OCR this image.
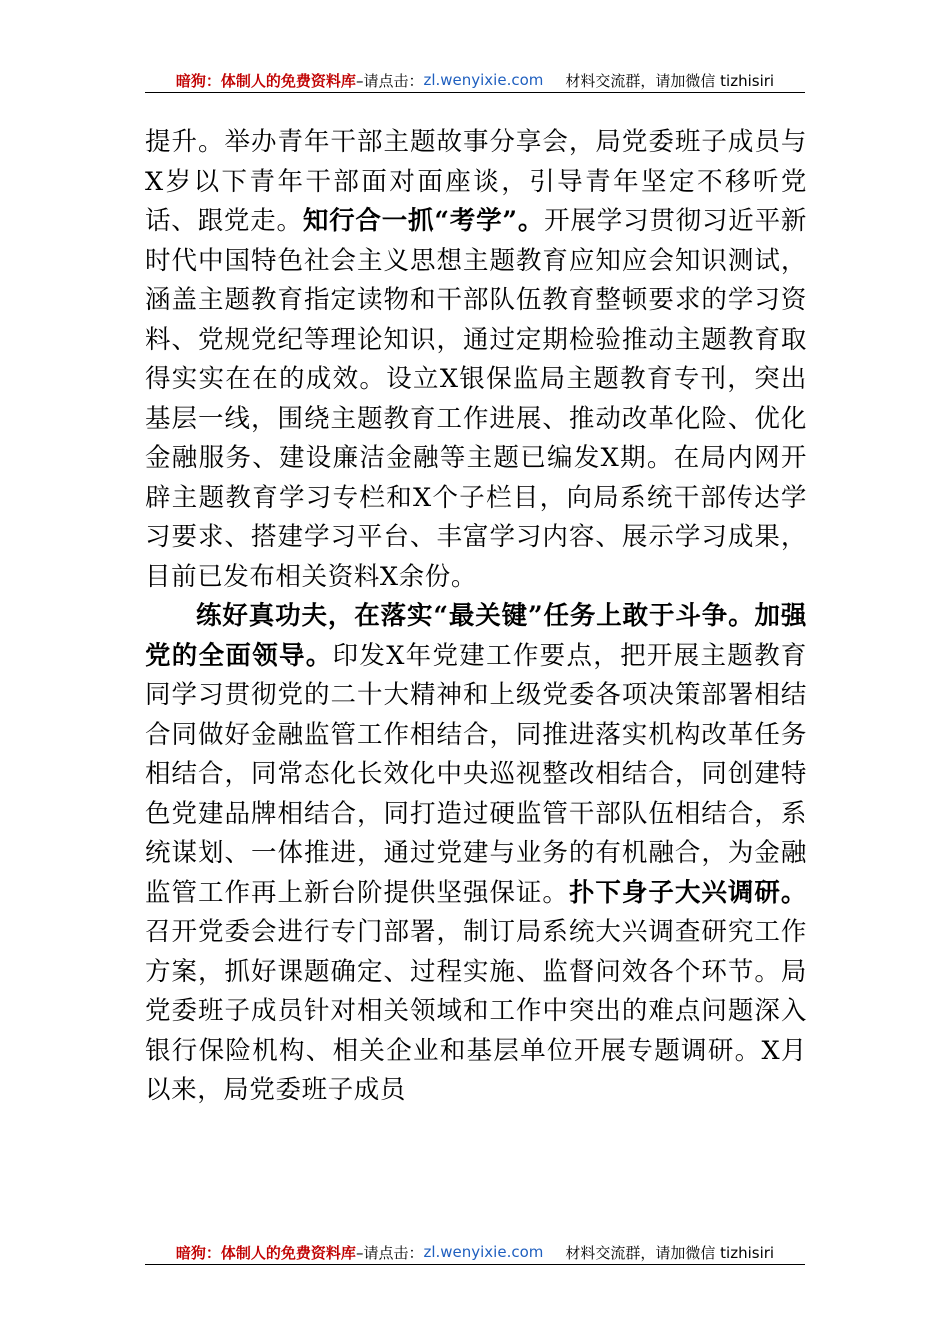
暗狗：体制人的免费资料库 –请点击： zl.wenyixie.com 材料交流群，请加微信 tizhisiri

提升。举办青年干部主题故事分享会，局党委班子成员与X岁以下青年干部面对面座谈，引导青年坚定不移听党话、跟党走。知行合一抓“考学”。开展学习贯彻习近平新时代中国特色社会主义思想主题教育应知应会知识测试，涵盖主题教育指定读物和干部队伍教育整顿要求的学习资料、党规党纪等理论知识，通过定期检验推动主题教育取得实实在在的成效。设立X银保监局主题教育专刊，突出基层一线，围绕主题教育工作进展、推动改革化险、优化金融服务、建设廉洁金融等主题已编发X期。在局内网开辟主题教育学习专栏和X个子栏目，向局系统干部传达学习要求、搭建学习平台、丰富学习内容、展示学习成果，目前已发布相关资料X余份。

练好真功夫，在落实“最关键”任务上敢于斗争。加强党的全面领导。印发X年党建工作要点，把开展主题教育同学习贯彻党的二十大精神和上级党委各项决策部署相结合同做好金融监管工作相结合，同推进落实机构改革任务相结合，同常态化长效化中央巡视整改相结合，同创建特色党建品牌相结合，同打造过硬监管干部队伍相结合，系统谋划、一体推进，通过党建与业务的有机融合，为金融监管工作再上新台阶提供坚强保证。扑下身子大兴调研。召开党委会进行专门部署，制订局系统大兴调查研究工作方案，抓好课题确定、过程实施、监督问效各个环节。局党委班子成员针对相关领域和工作中突出的难点问题深入银行保险机构、相关企业和基层单位开展专题调研。X月以来，局党委班子成员

暗狗：体制人的免费资料库 –请点击： zl.wenyixie.com 材料交流群，请加微信 tizhisiri
